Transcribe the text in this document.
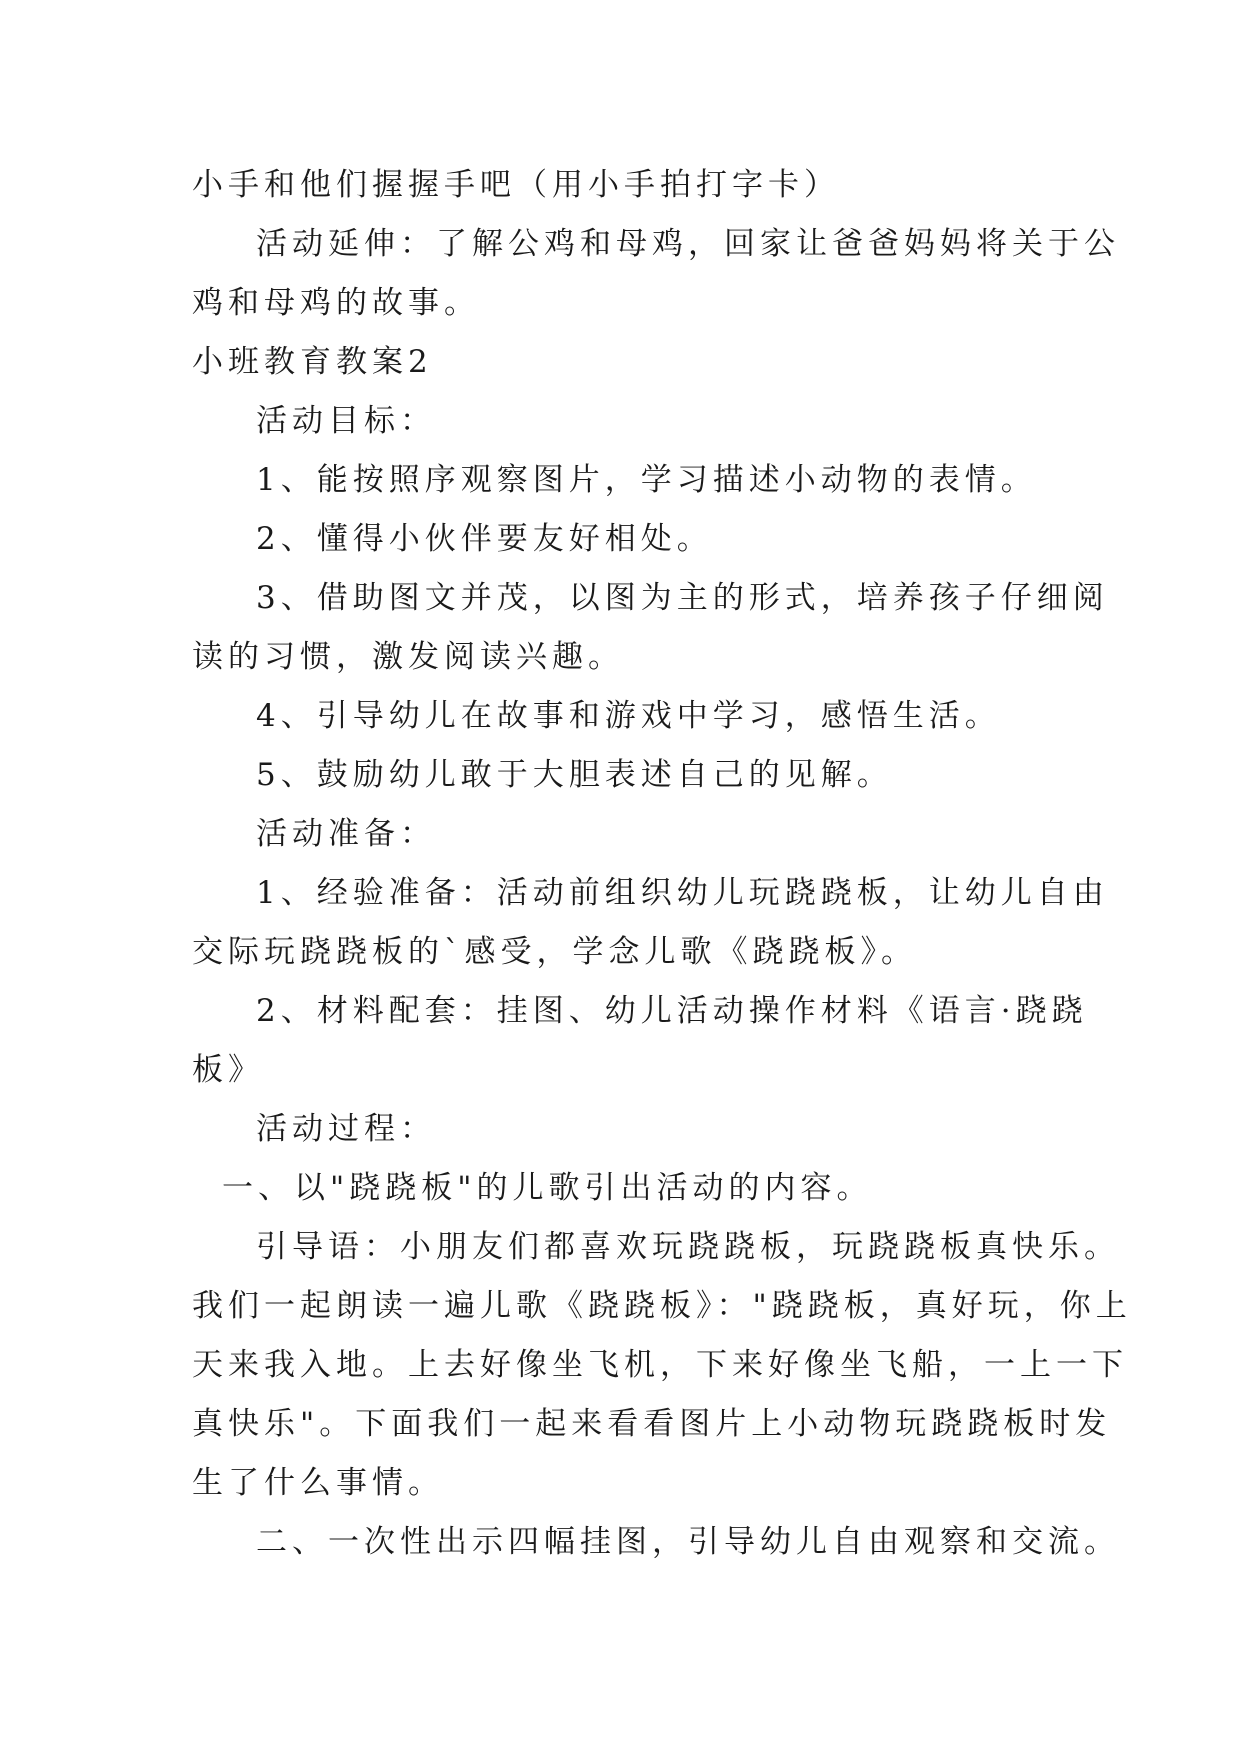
小手和他们握握手吧（用小手拍打字卡）
活动延伸：了解公鸡和母鸡，回家让爸爸妈妈将关于公
鸡和母鸡的故事。
小班教育教案2
活动目标：
1、能按照序观察图片，学习描述小动物的表情。
2、懂得小伙伴要友好相处。
3、借助图文并茂，以图为主的形式，培养孩子仔细阅
读的习惯，激发阅读兴趣。
4、引导幼儿在故事和游戏中学习，感悟生活。
5、鼓励幼儿敢于大胆表述自己的见解。
活动准备：
1、经验准备：活动前组织幼儿玩跷跷板，让幼儿自由
交际玩跷跷板的`感受，学念儿歌《跷跷板》。
2、材料配套：挂图、幼儿活动操作材料《语言·跷跷
板》
活动过程：
一、以"跷跷板"的儿歌引出活动的内容。
引导语：小朋友们都喜欢玩跷跷板，玩跷跷板真快乐。
我们一起朗读一遍儿歌《跷跷板》："跷跷板，真好玩，你上
天来我入地。上去好像坐飞机，下来好像坐飞船，一上一下
真快乐"。下面我们一起来看看图片上小动物玩跷跷板时发
生了什么事情。
二、一次性出示四幅挂图，引导幼儿自由观察和交流。
